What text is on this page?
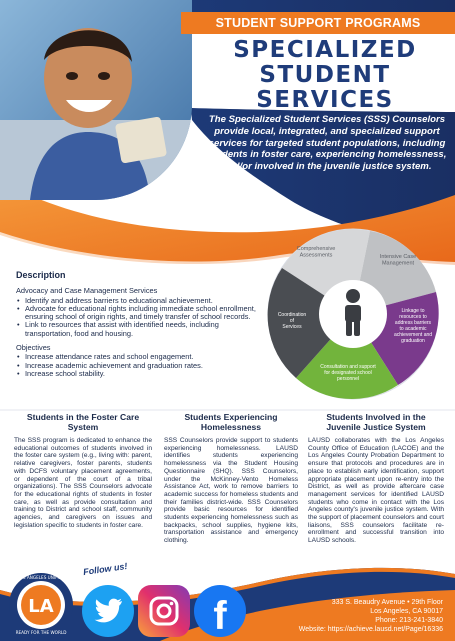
STUDENT SUPPORT PROGRAMS
SPECIALIZED
STUDENT
SERVICES
The Specialized Student Services (SSS) Counselors provide local, integrated, and specialized support services for targeted student populations, including students in foster care, experiencing homelessness, and/or involved in the juvenile justice system.
Comprehensive Assessments	Intensive Case Management
Linkage to resources to address barriers to academic achievement and graduation
Consultation and support for designated school personnel
Coordination of Services
Description
Advocacy and Case Management Services
• Identify and address barriers to educational achievement.
• Advocate for educational rights including immediate school enrollment, ensuring school of origin rights, and timely transfer of school records.
• Link to resources that assist with identified needs, including transportation, food and housing.
Objectives
• Increase attendance rates and school engagement.
• Increase academic achievement and graduation rates.
• Increase school stability.
Students in the Foster Care System

The SSS program is dedicated to enhance the educational outcomes of students involved in the foster care system (e.g., living with: parent, relative caregivers, foster parents, students with DCFS voluntary placement agreements, or dependent of the court of a tribal organizations). The SSS Counselors advocate for the educational rights of students in foster care, as well as provide consultation and training to District and school staff, community agencies, and caregivers on issues and legislation specific to students in foster care.

Students Experiencing Homelessness

SSS Counselors provide support to students experiencing homelessness. LAUSD identifies students experiencing homelessness via the Student Housing Questionnaire (SHQ). SSS Counselors, under the McKinney-Vento Homeless Assistance Act, work to remove barriers to academic success for homeless students and their families district-wide. SSS Counselors provide basic resources for identified students experiencing homelessness such as backpacks, school supplies, hygiene kits, transportation assistance and emergency clothing.

Students Involved in the Juvenile Justice System

LAUSD collaborates with the Los Angeles County Office of Education (LACOE) and the Los Angeles County Probation Department to ensure that protocols and procedures are in place to establish early identification, support appropriate placement upon re-entry into the District, as well as provide aftercare case management services for identified LAUSD students who come in contact with the Los Angeles county's juvenile justice system. With the support of placement counselors and court liaisons, SSS counselors facilitate re-enrollment and successful transition into LAUSD schools.

Follow us!
LA
LOS ANGELES UNIFIED
READY FOR THE WORLD	f	333 S. Beaudry Avenue • 29th Floor
Los Angeles, CA 90017
Phone: 213-241-3840
Website: https://achieve.lausd.net/Page/16336
